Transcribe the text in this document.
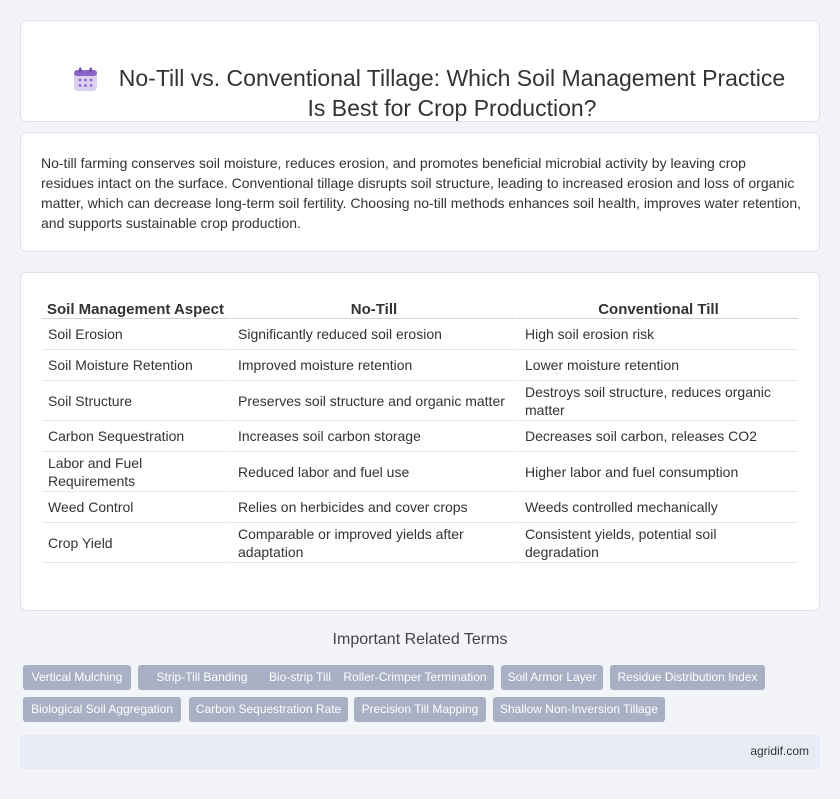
No-Till vs. Conventional Tillage: Which Soil Management Practice Is Best for Crop Production?

No-till farming conserves soil moisture, reduces erosion, and promotes beneficial microbial activity by leaving crop residues intact on the surface. Conventional tillage disrupts soil structure, leading to increased erosion and loss of organic matter, which can decrease long-term soil fertility. Choosing no-till methods enhances soil health, improves water retention, and supports sustainable crop production.

Soil Management Aspect	No-Till	Conventional Till
Soil Erosion	Significantly reduced soil erosion	High soil erosion risk
Soil Moisture Retention	Improved moisture retention	Lower moisture retention
Soil Structure	Preserves soil structure and organic matter	Destroys soil structure, reduces organic matter
Carbon Sequestration	Increases soil carbon storage	Decreases soil carbon, releases CO2
Labor and Fuel Requirements	Reduced labor and fuel use	Higher labor and fuel consumption
Weed Control	Relies on herbicides and cover crops	Weeds controlled mechanically
Crop Yield	Comparable or improved yields after adaptation	Consistent yields, potential soil degradation
Important Related Terms
Vertical Mulching	Strip-Till Banding	Bio-strip Till	Roller-Crimper Termination	Soil Armor Layer	Residue Distribution Index
Biological Soil Aggregation	Carbon Sequestration Rate	Precision Till Mapping	Shallow Non-Inversion Tillage
agridif.com
